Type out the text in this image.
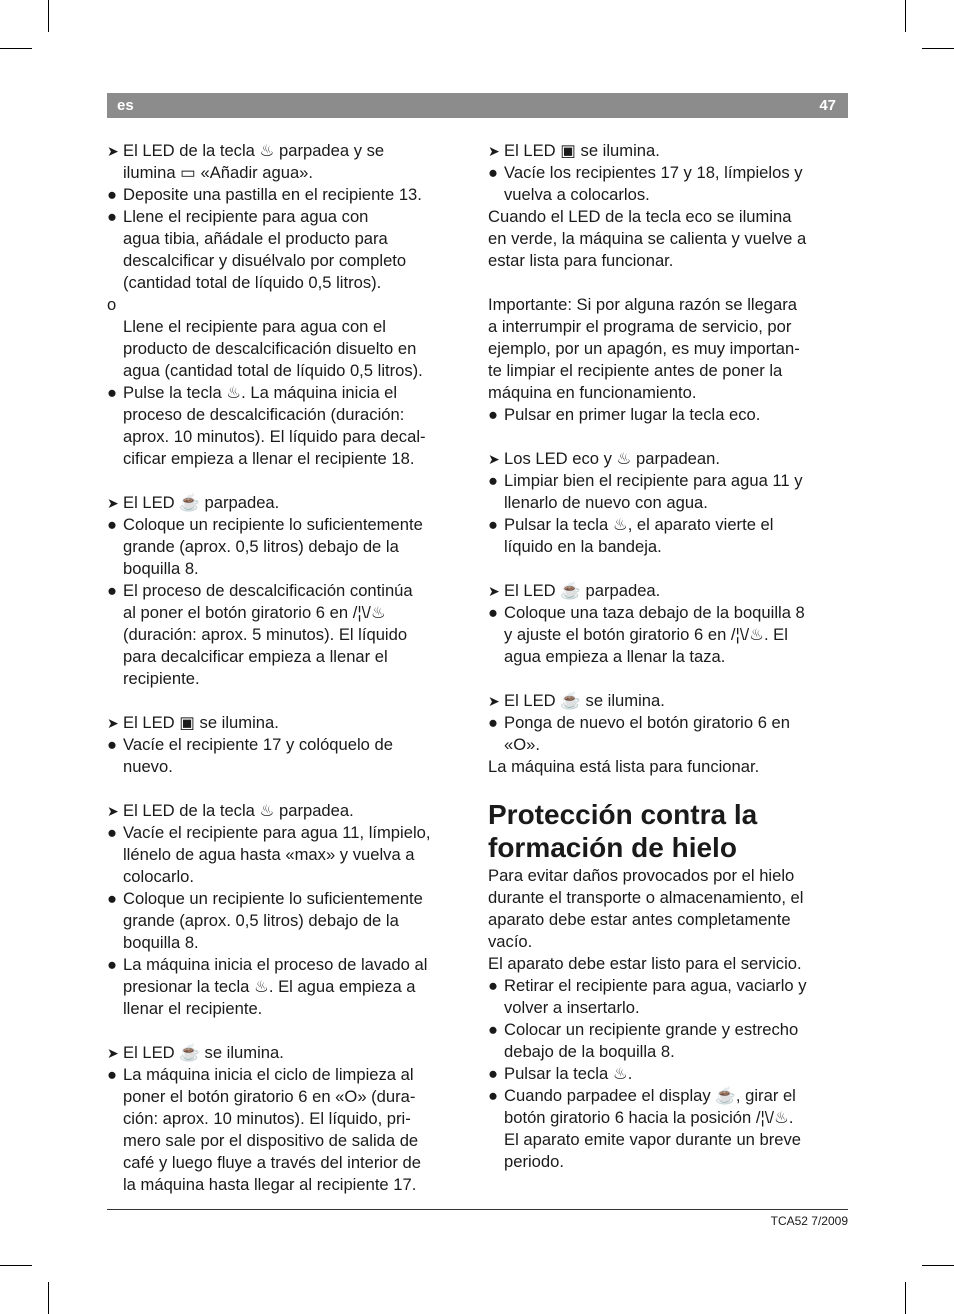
es	47
➤ El LED de la tecla ♨ parpadea y se
ilumina ▭ «Añadir agua».
● Deposite una pastilla en el recipiente 13.
● Llene el recipiente para agua con
agua tibia, añádale el producto para
descalcificar y disuélvalo por completo
(cantidad total de líquido 0,5 litros).
o
Llene el recipiente para agua con el
producto de descalcificación disuelto en
agua (cantidad total de líquido 0,5 litros).
● Pulse la tecla ♨. La máquina inicia el
proceso de descalcificación (duración:
aprox. 10 minutos). El líquido para decal-
cificar empieza a llenar el recipiente 18.
➤ El LED ☕ parpadea.
● Coloque un recipiente lo suficientemente
grande (aprox. 0,5 litros) debajo de la
boquilla 8.
● El proceso de descalcificación continúa
al poner el botón giratorio 6 en /¦\/♨
(duración: aprox. 5 minutos). El líquido
para decalcificar empieza a llenar el
recipiente.
➤ El LED ▣ se ilumina.
● Vacíe el recipiente 17 y colóquelo de
nuevo.
➤ El LED de la tecla ♨ parpadea.
● Vacíe el recipiente para agua 11, límpielo,
llénelo de agua hasta «max» y vuelva a
colocarlo.
● Coloque un recipiente lo suficientemente
grande (aprox. 0,5 litros) debajo de la
boquilla 8.
● La máquina inicia el proceso de lavado al
presionar la tecla ♨. El agua empieza a
llenar el recipiente.
➤ El LED ☕ se ilumina.
● La máquina inicia el ciclo de limpieza al
poner el botón giratorio 6 en «O» (dura-
ción: aprox. 10 minutos). El líquido, pri-
mero sale por el dispositivo de salida de
café y luego fluye a través del interior de
la máquina hasta llegar al recipiente 17.
➤ El LED ▣ se ilumina.
● Vacíe los recipientes 17 y 18, límpielos y
vuelva a colocarlos.
Cuando el LED de la tecla eco se ilumina
en verde, la máquina se calienta y vuelve a
estar lista para funcionar.
Importante: Si por alguna razón se llegara
a interrumpir el programa de servicio, por
ejemplo, por un apagón, es muy importan-
te limpiar el recipiente antes de poner la
máquina en funcionamiento.
● Pulsar en primer lugar la tecla eco.
➤ Los LED eco y ♨ parpadean.
● Limpiar bien el recipiente para agua 11 y
llenarlo de nuevo con agua.
● Pulsar la tecla ♨, el aparato vierte el
líquido en la bandeja.
➤ El LED ☕ parpadea.
● Coloque una taza debajo de la boquilla 8
y ajuste el botón giratorio 6 en /¦\/♨. El
agua empieza a llenar la taza.
➤ El LED ☕ se ilumina.
● Ponga de nuevo el botón giratorio 6 en
«O».
La máquina está lista para funcionar.
Protección contra la
formación de hielo
Para evitar daños provocados por el hielo
durante el transporte o almacenamiento, el
aparato debe estar antes completamente
vacío.
El aparato debe estar listo para el servicio.
● Retirar el recipiente para agua, vaciarlo y
volver a insertarlo.
● Colocar un recipiente grande y estrecho
debajo de la boquilla 8.
● Pulsar la tecla ♨.
● Cuando parpadee el display ☕, girar el
botón giratorio 6 hacia la posición /¦\/♨.
El aparato emite vapor durante un breve
periodo.
TCA52 7/2009
